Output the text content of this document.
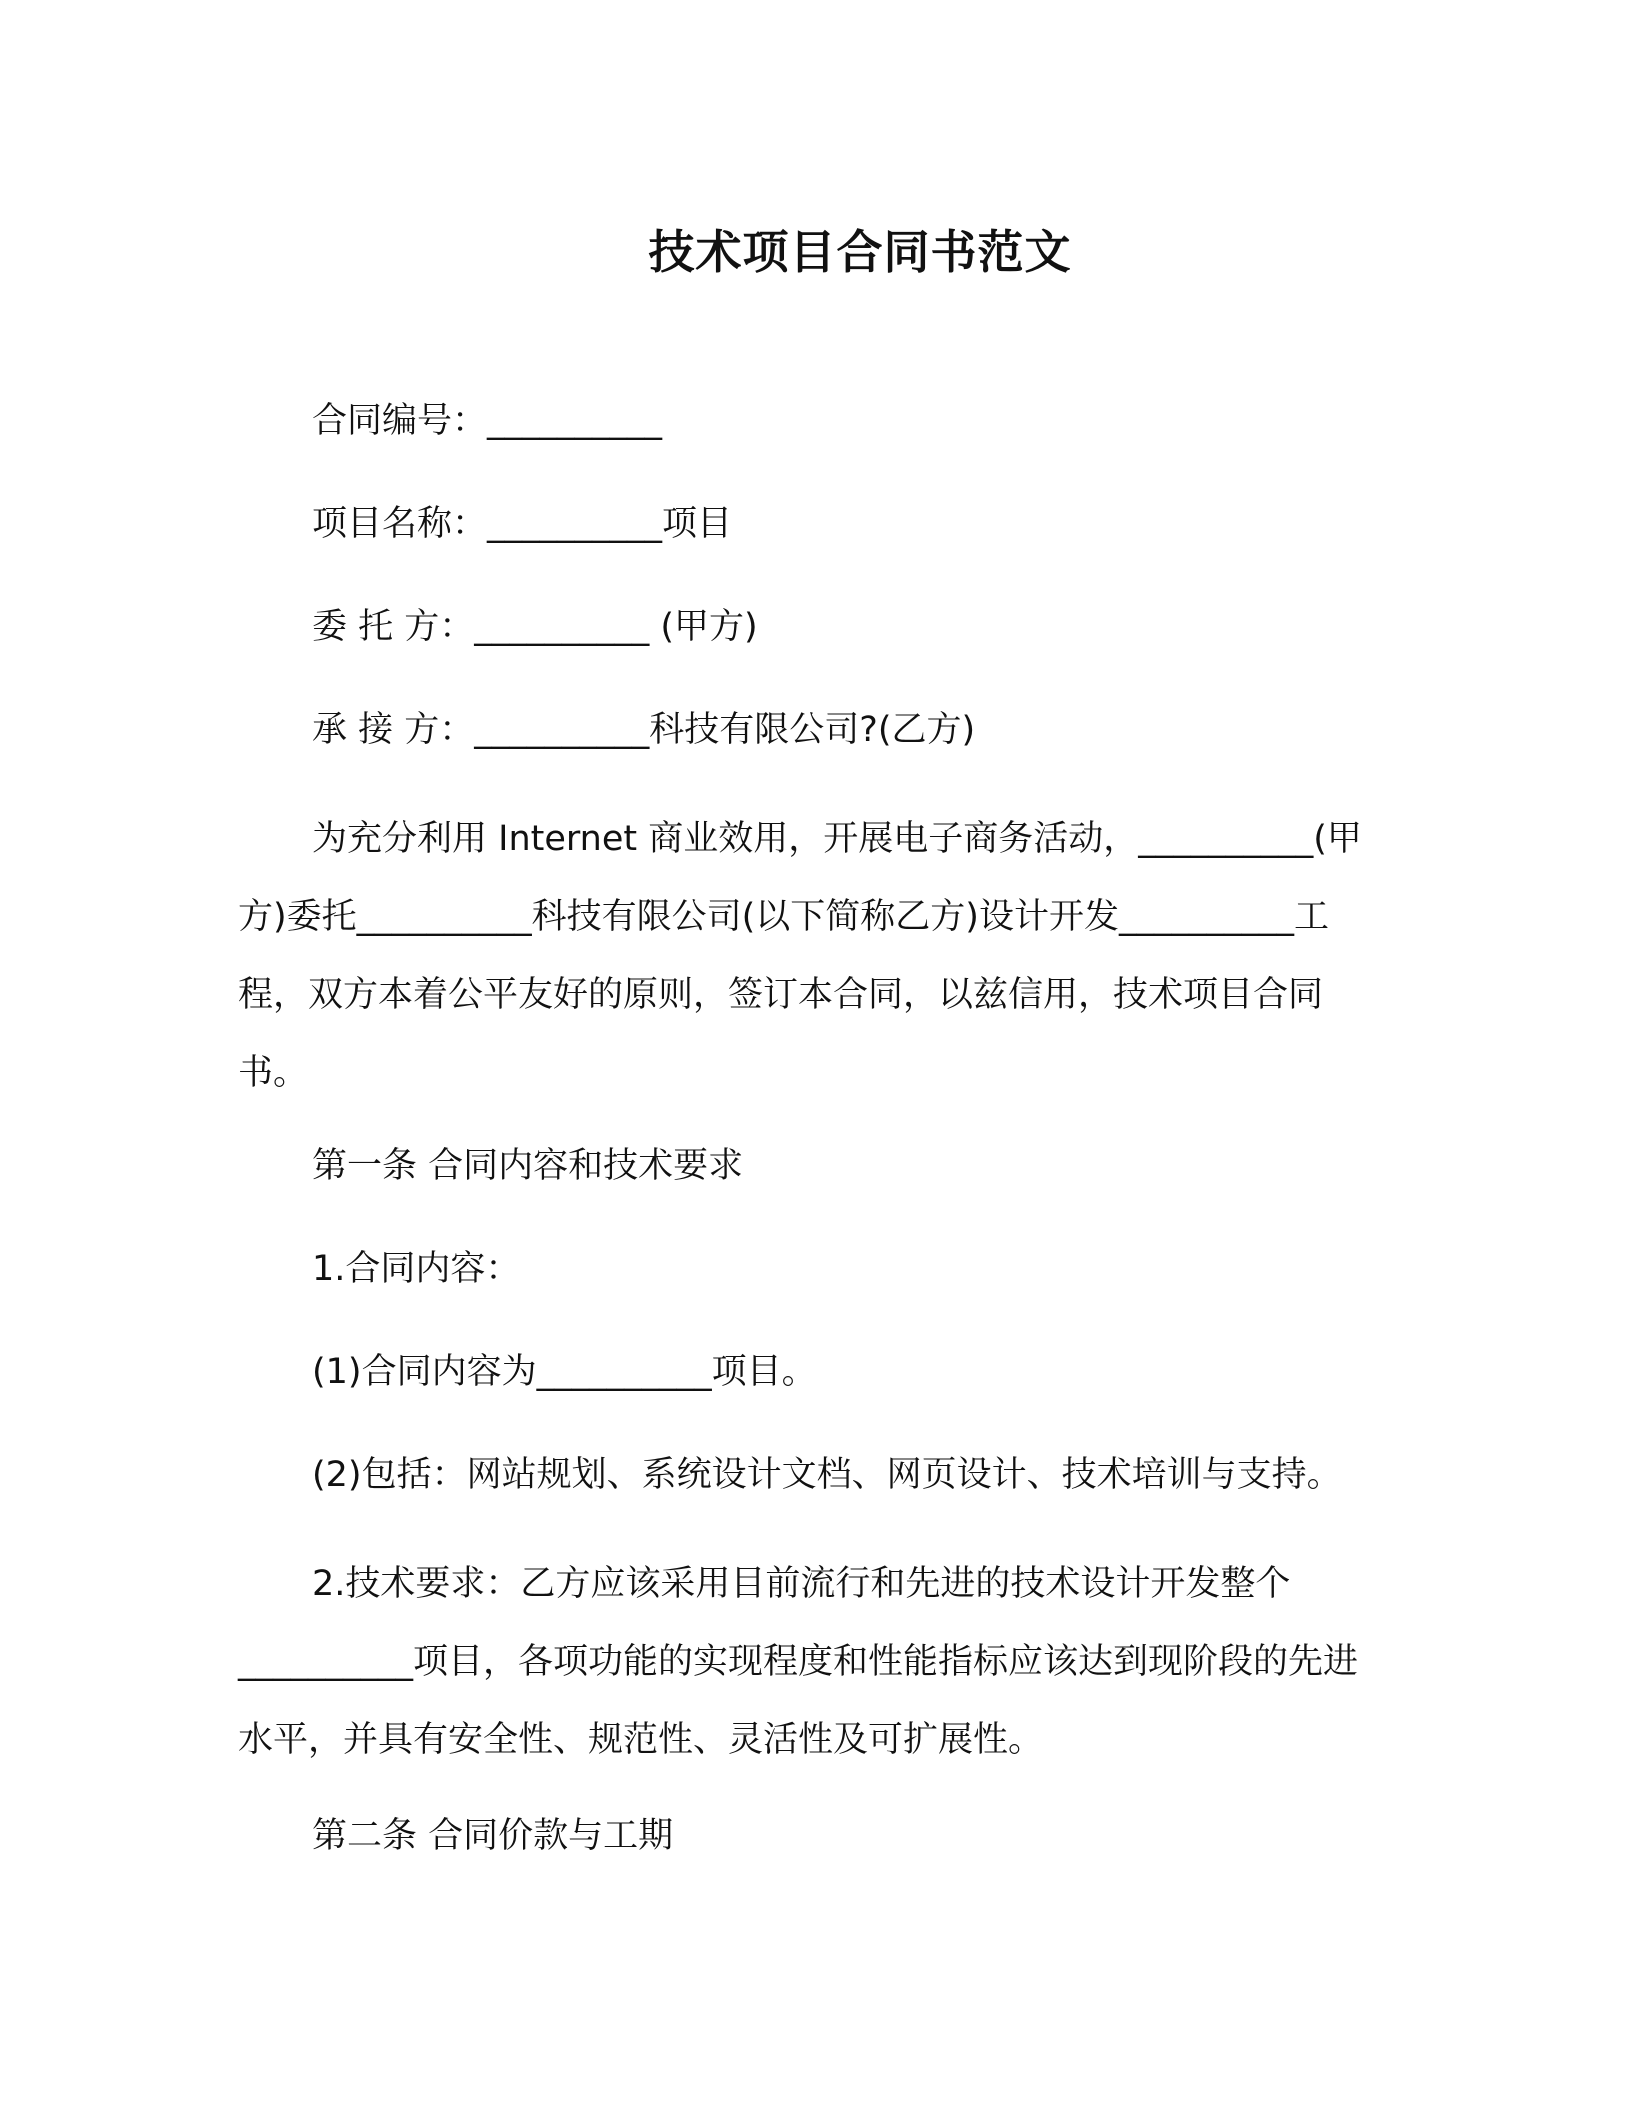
技术项目合同书范文
合同编号：__________
项目名称：__________项目
委 托 方：__________ (甲方)
承 接 方：__________科技有限公司?(乙方)

为充分利用 Internet 商业效用，开展电子商务活动，__________(甲方)委托__________科技有限公司(以下简称乙方)设计开发__________工程，双方本着公平友好的原则，签订本合同，以兹信用，技术项目合同书。

第一条 合同内容和技术要求
1.合同内容：
(1)合同内容为__________项目。
(2)包括：网站规划、系统设计文档、网页设计、技术培训与支持。

2.技术要求：乙方应该采用目前流行和先进的技术设计开发整个__________项目，各项功能的实现程度和性能指标应该达到现阶段的先进水平，并具有安全性、规范性、灵活性及可扩展性。

第二条 合同价款与工期
